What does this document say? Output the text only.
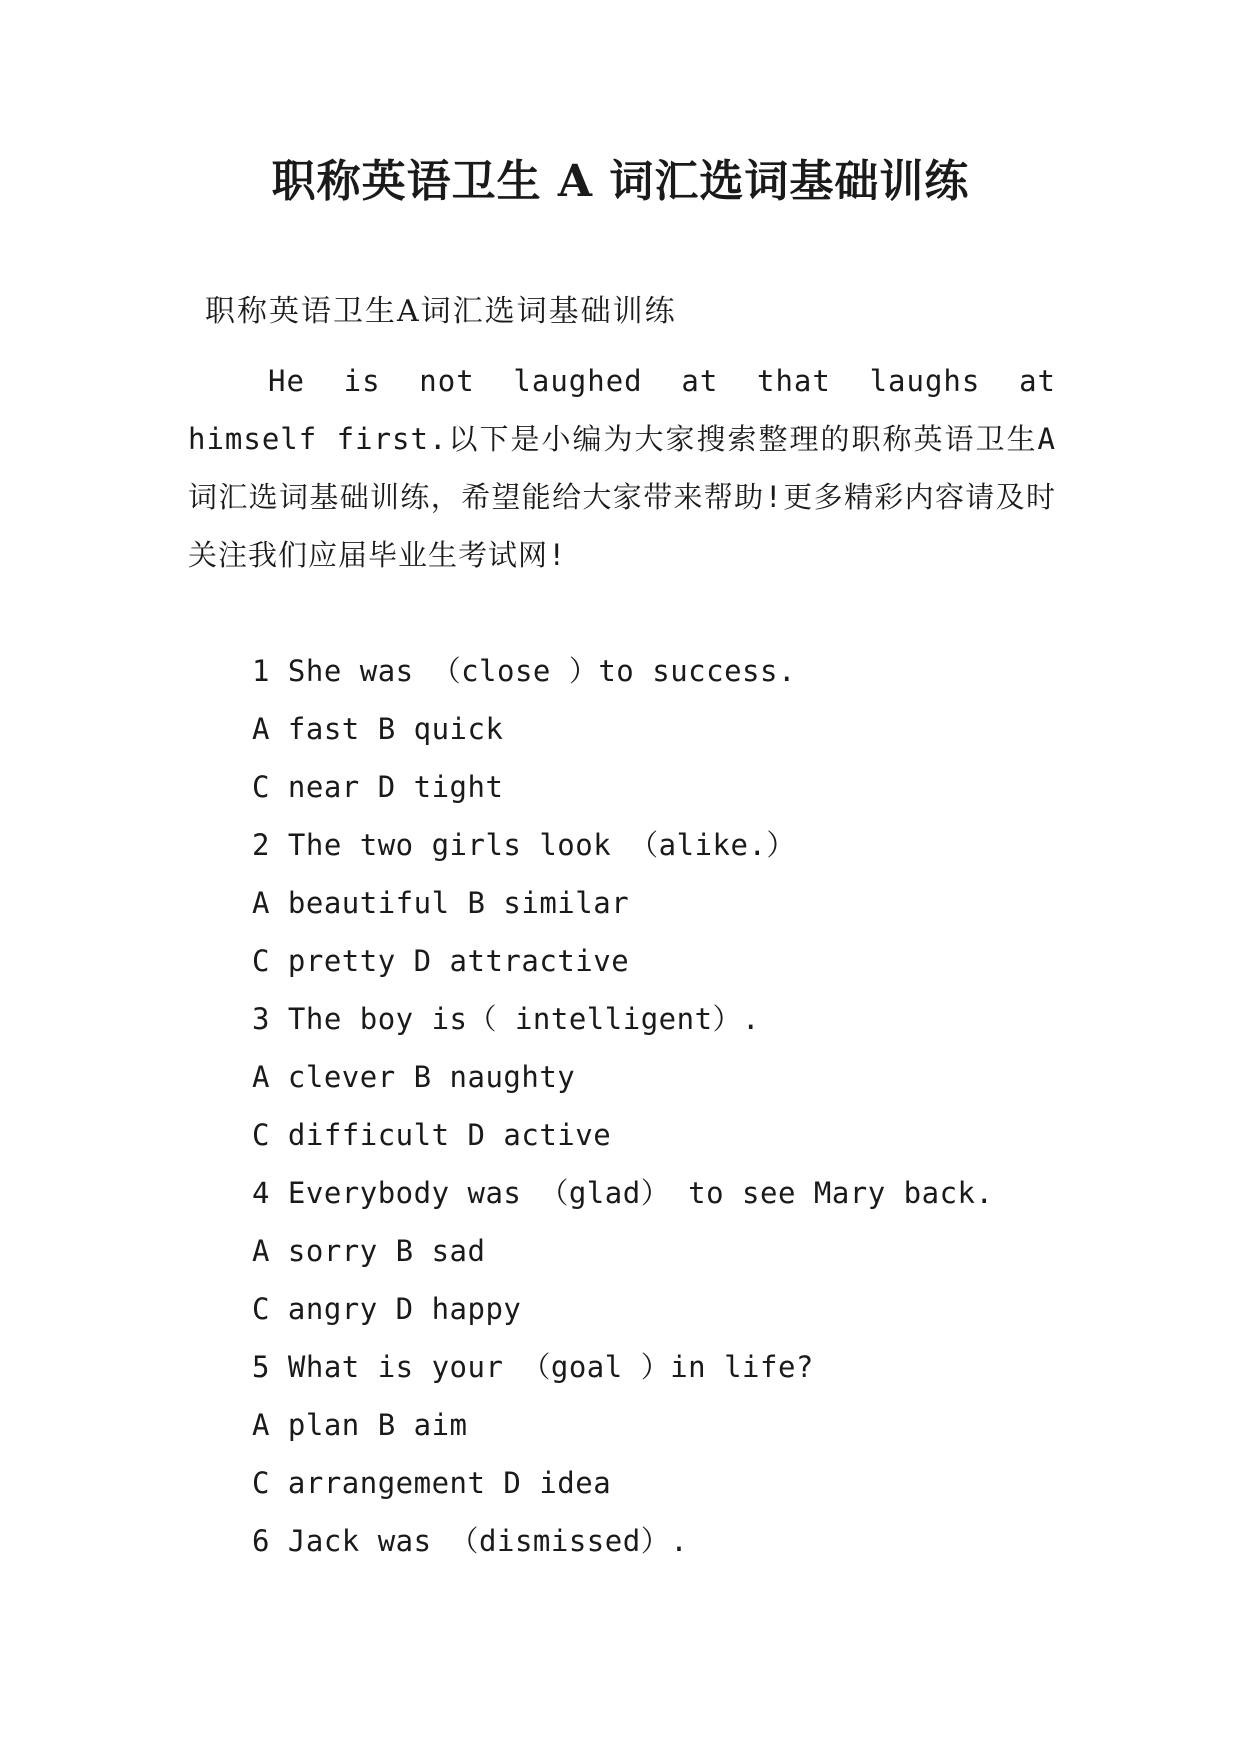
职称英语卫生 A 词汇选词基础训练
职称英语卫生A词汇选词基础训练

He is not laughed at that laughs at himself first.以下是小编为大家搜索整理的职称英语卫生A词汇选词基础训练，希望能给大家带来帮助!更多精彩内容请及时关注我们应届毕业生考试网!

1 She was （close ）to success.
A fast B quick
C near D tight
2 The two girls look （alike.）
A beautiful B similar
C pretty D attractive
3 The boy is（ intelligent）.
A clever B naughty
C difficult D active
4 Everybody was （glad） to see Mary back.
A sorry B sad
C angry D happy
5 What is your （goal ）in life?
A plan B aim
C arrangement D idea
6 Jack was （dismissed）.
